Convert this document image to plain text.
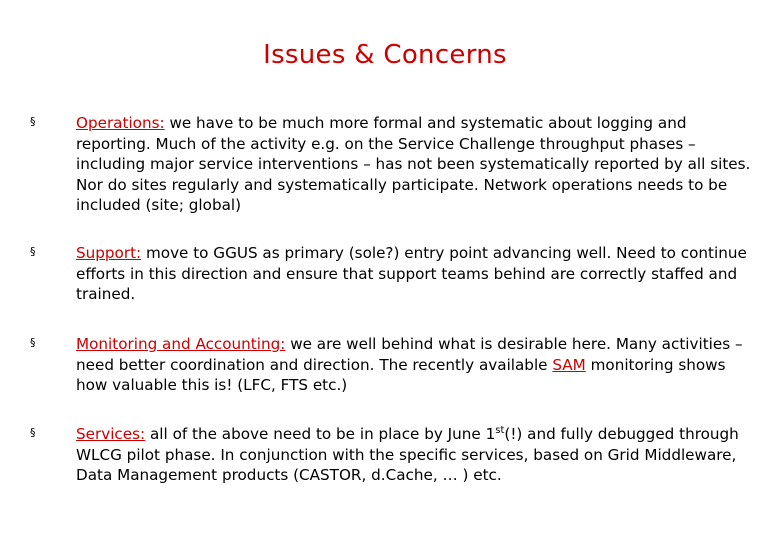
Issues & Concerns
§	Operations: we have to be much more formal and systematic about logging and reporting. Much of the activity e.g. on the Service Challenge throughput phases – including major service interventions – has not been systematically reported by all sites. Nor do sites regularly and systematically participate. Network operations needs to be included (site; global)
§	Support: move to GGUS as primary (sole?) entry point advancing well. Need to continue efforts in this direction and ensure that support teams behind are correctly staffed and trained.
§	Monitoring and Accounting: we are well behind what is desirable here. Many activities – need better coordination and direction. The recently available SAM monitoring shows how valuable this is! (LFC, FTS etc.)
§	Services: all of the above need to be in place by June 1st(!) and fully debugged through WLCG pilot phase. In conjunction with the specific services, based on Grid Middleware, Data Management products (CASTOR, d.Cache, … ) etc.
